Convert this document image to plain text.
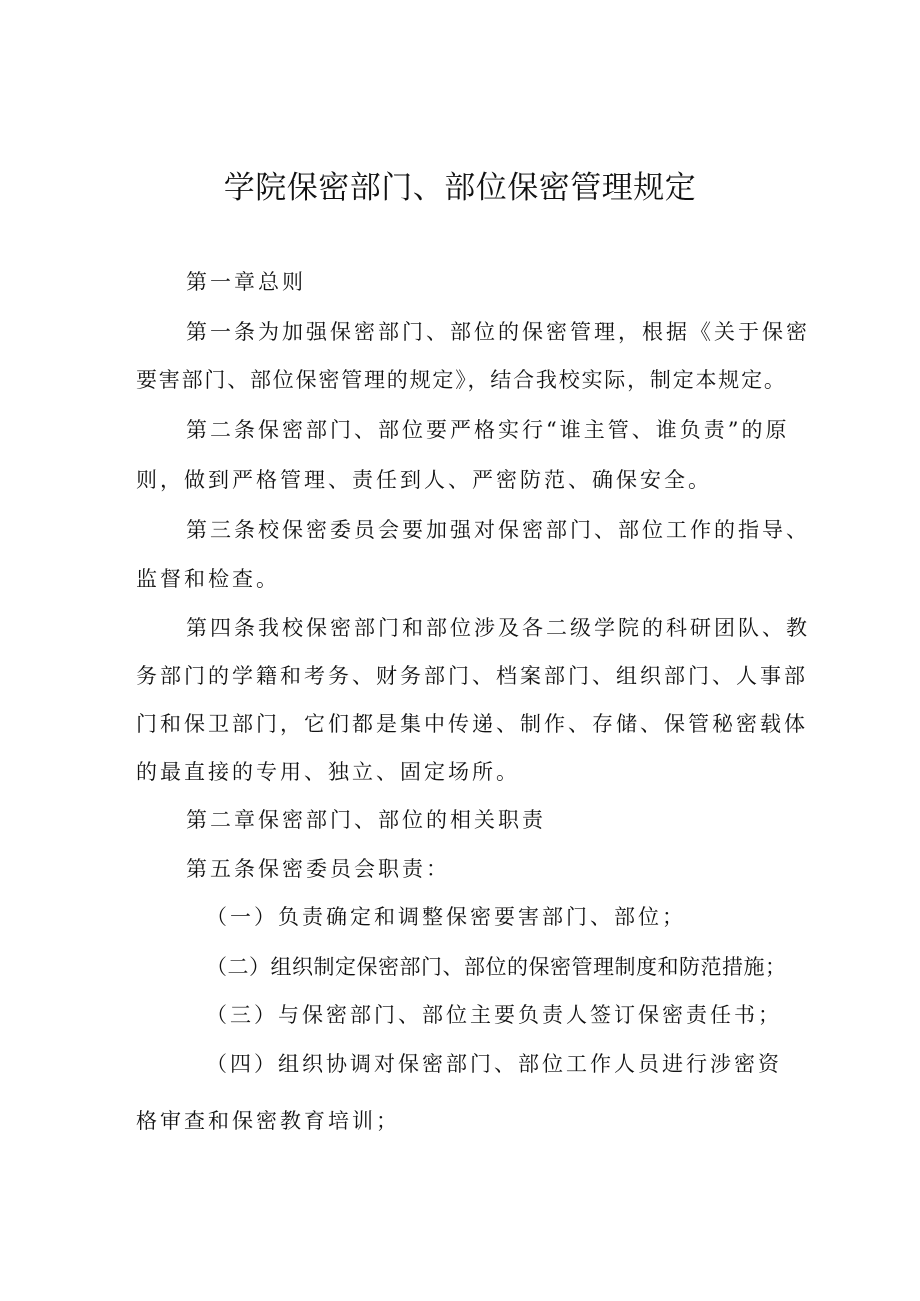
学院保密部门、部位保密管理规定
第一章总则
第一条为加强保密部门、部位的保密管理，根据《关于保密
要害部门、部位保密管理的规定》，结合我校实际，制定本规定。
第二条保密部门、部位要严格实行“谁主管、谁负责”的原
则，做到严格管理、责任到人、严密防范、确保安全。
第三条校保密委员会要加强对保密部门、部位工作的指导、
监督和检查。
第四条我校保密部门和部位涉及各二级学院的科研团队、教
务部门的学籍和考务、财务部门、档案部门、组织部门、人事部
门和保卫部门，它们都是集中传递、制作、存储、保管秘密载体
的最直接的专用、独立、固定场所。
第二章保密部门、部位的相关职责
第五条保密委员会职责：
（一）负责确定和调整保密要害部门、部位；
（二）组织制定保密部门、部位的保密管理制度和防范措施；
（三）与保密部门、部位主要负责人签订保密责任书；
（四）组织协调对保密部门、部位工作人员进行涉密资
格审查和保密教育培训；
